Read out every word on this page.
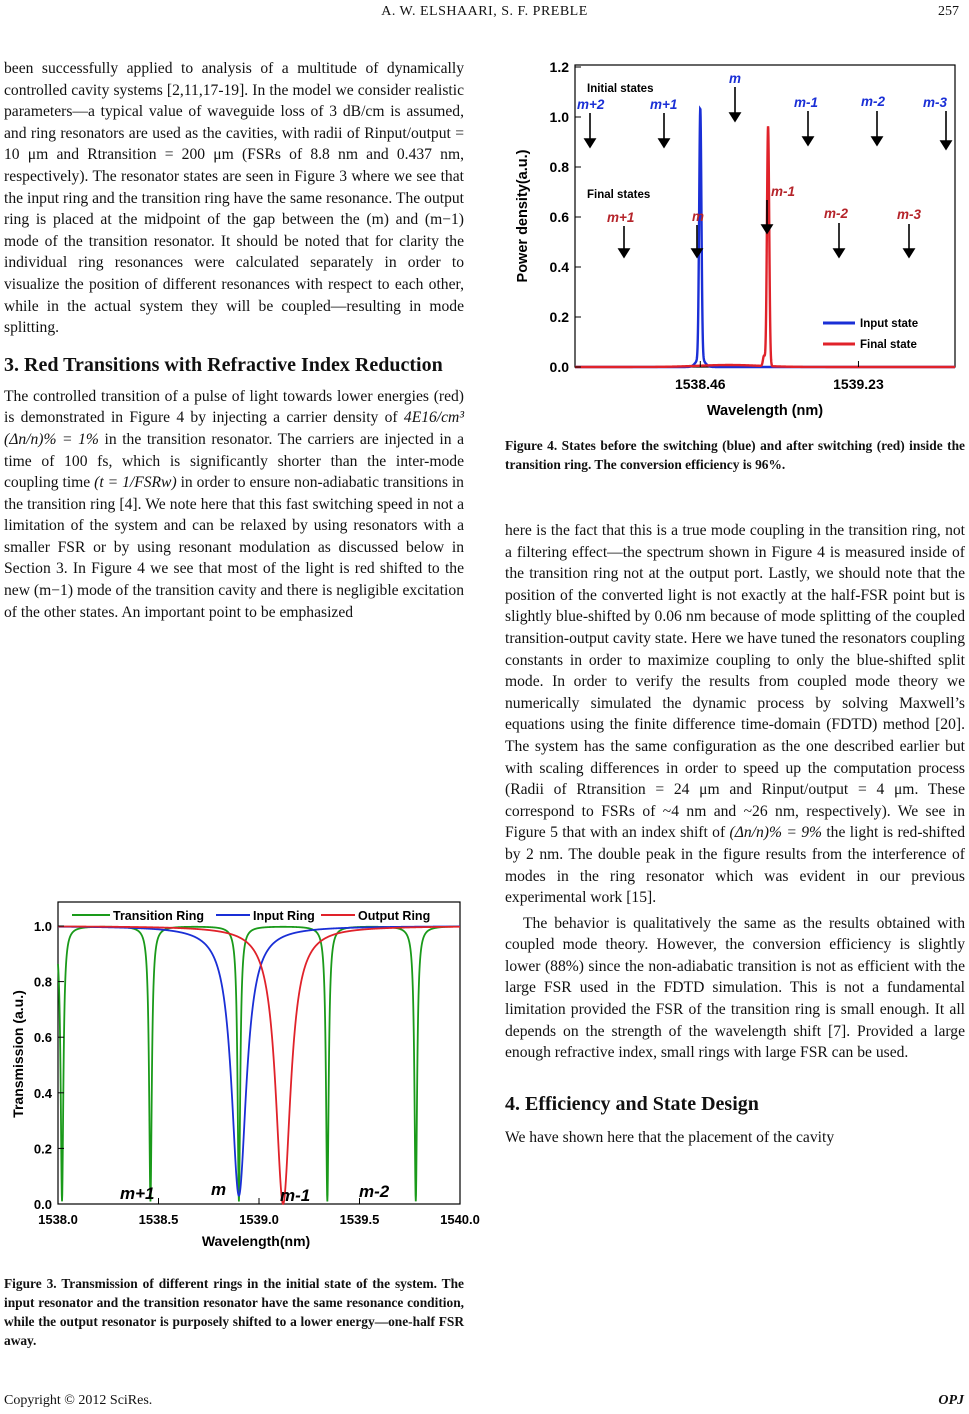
A. W. ELSHAARI, S. F. PREBLE	257

been successfully applied to analysis of a multitude of dynamically controlled cavity systems [2,11,17-19]. In the model we consider realistic parameters—a typical value of waveguide loss of 3 dB/cm is assumed, and ring resonators are used as the cavities, with radii of Rinput/output = 10 μm and Rtransition = 200 μm (FSRs of 8.8 nm and 0.437 nm, respectively). The resonator states are seen in Figure 3 where we see that the input ring and the transition ring have the same resonance. The output ring is placed at the midpoint of the gap between the (m) and (m−1) mode of the transition resonator. It should be noted that for clarity the individual ring resonances were calculated separately in order to visualize the position of different resonances with respect to each other, while in the actual system they will be coupled—resulting in mode splitting.

3. Red Transitions with Refractive Index Reduction

The controlled transition of a pulse of light towards lower energies (red) is demonstrated in Figure 4 by injecting a carrier density of 4E16/cm³ (Δn/n)% = 1% in the transition resonator. The carriers are injected in a time of 100 fs, which is significantly shorter than the inter-mode coupling time (t = 1/FSRw) in order to ensure non-adiabatic transitions in the transition ring [4]. We note here that this fast switching speed in not a limitation of the system and can be relaxed by using resonators with a smaller FSR or by using resonant modulation as discussed below in Section 3. In Figure 4 we see that most of the light is red shifted to the new (m−1) mode of the transition cavity and there is negligible excitation of the other states. An important point to be emphasized

1538.0	1538.5	1539.0	1539.5	1540.0
0.0
0.2
0.4
0.6
0.8
1.0
Transition Ring	Input Ring	Output Ring
m+1	m	m-1	m-2
Wavelength(nm)
Transmission (a.u.)
Figure 3. Transmission of different rings in the initial state of the system. The input resonator and the transition resonator have the same resonance condition, while the output resonator is purposely shifted to a lower energy—one-half FSR away.
1538.46	1539.23
0.0
0.2
0.4
0.6
0.8
1.0
1.2
Initial states
m+2	m+1
m
m-1	m-2	m-3
Final states
m+1	m
m-1
m-2	m-3
Input state
Final state
Wavelength (nm)
Power density(a.u.)
Figure 4. States before the switching (blue) and after switching (red) inside the transition ring. The conversion efficiency is 96%.

here is the fact that this is a true mode coupling in the transition ring, not a filtering effect—the spectrum shown in Figure 4 is measured inside of the transition ring not at the output port. Lastly, we should note that the position of the converted light is not exactly at the half-FSR point but is slightly blue-shifted by 0.06 nm because of mode splitting of the coupled transition-output cavity state. Here we have tuned the resonators coupling constants in order to maximize coupling to only the blue-shifted split mode. In order to verify the results from coupled mode theory we numerically simulated the dynamic process by solving Maxwell’s equations using the finite difference time-domain (FDTD) method [20]. The system has the same configuration as the one described earlier but with scaling differences in order to speed up the computation process (Radii of Rtransition = 24 μm and Rinput/output = 4 μm. These correspond to FSRs of ~4 nm and ~26 nm, respectively). We see in Figure 5 that with an index shift of (Δn/n)% = 9% the light is red-shifted by 2 nm. The double peak in the figure results from the interference of modes in the ring resonator which was evident in our previous experimental work [15].

The behavior is qualitatively the same as the results obtained with coupled mode theory. However, the conversion efficiency is slightly lower (88%) since the non-adiabatic transition is not as efficient with the large FSR used in the FDTD simulation. This is not a fundamental limitation provided the FSR of the transition ring is small enough. It all depends on the strength of the wavelength shift [7]. Provided a large enough refractive index, small rings with large FSR can be used.

4. Efficiency and State Design

We have shown here that the placement of the cavity

Copyright © 2012 SciRes.	OPJ
